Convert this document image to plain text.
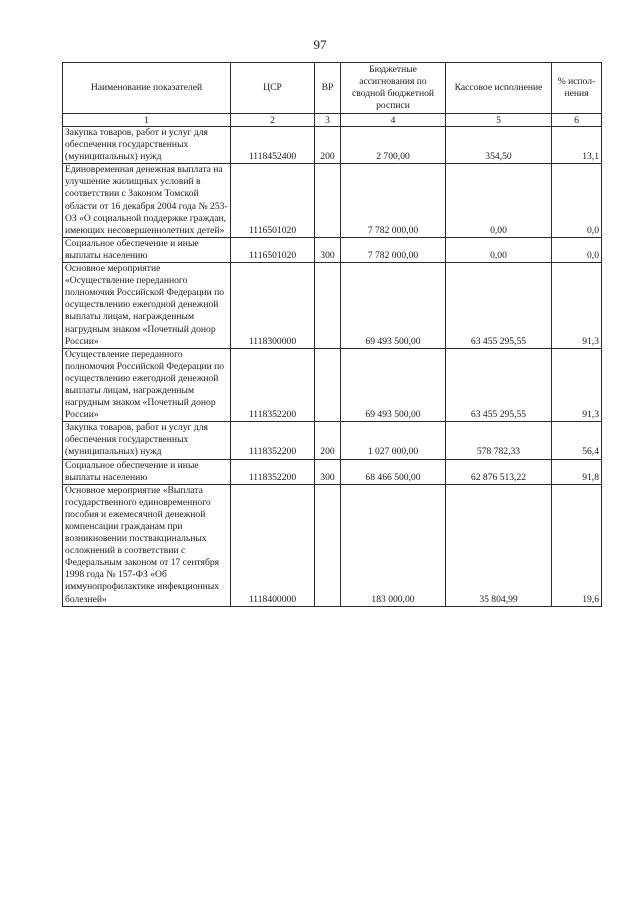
97
Наименование показателей	ЦСР	ВР	Бюджетные ассигнования по сводной бюджетной росписи	Кассовое исполнение	% испол-нения
1	2	3	4	5	6
Закупка товаров, работ и услуг для обеспечения государственных (муниципальных) нужд	1118452400	200	2 700,00	354,50	13,1
Единовременная денежная выплата на улучшение жилищных условий в соответствии с Законом Томской области от 16 декабря 2004 года № 253-ОЗ «О социальной поддержке граждан, имеющих несовершеннолетних детей»	1116501020		7 782 000,00	0,00	0,0
Социальное обеспечение и иные выплаты населению	1116501020	300	7 782 000,00	0,00	0,0
Основное мероприятие «Осуществление переданного полномочия Российской Федерации по осуществлению ежегодной денежной выплаты лицам, награжденным нагрудным знаком «Почетный донор России»	1118300000		69 493 500,00	63 455 295,55	91,3
Осуществление переданного полномочия Российской Федерации по осуществлению ежегодной денежной выплаты лицам, награжденным нагрудным знаком «Почетный донор России»	1118352200		69 493 500,00	63 455 295,55	91,3
Закупка товаров, работ и услуг для обеспечения государственных (муниципальных) нужд	1118352200	200	1 027 000,00	578 782,33	56,4
Социальное обеспечение и иные выплаты населению	1118352200	300	68 466 500,00	62 876 513,22	91,8
Основное мероприятие «Выплата государственного единовременного пособия и ежемесячной денежной компенсации гражданам при возникновении поствакцинальных осложнений в соответствии с Федеральным законом от 17 сентября 1998 года № 157-ФЗ «Об иммунопрофилактике инфекционных болезней»	1118400000		183 000,00	35 804,99	19,6
